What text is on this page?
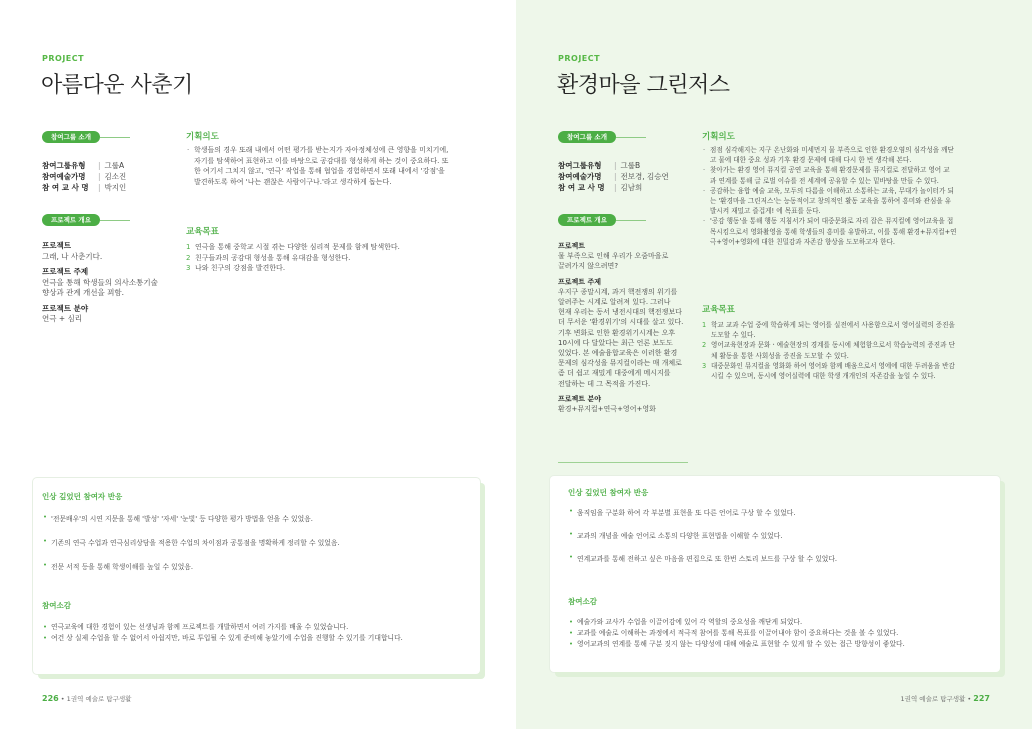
PROJECT
아름다운 사춘기
참여그룹 소개
참여그룹유형	| 그룹A
참여예술가명	| 김소진
참 여 교 사 명	| 박지인
프로젝트 개요
프로젝트
그래, 나 사춘기다.
프로젝트 주제
연극을 통해 학생들의 의사소통기술
향상과 관계 개선을 꾀함.
프로젝트 분야
연극 + 심리
기획의도
· 학생들의 경우 또래 내에서 어떤 평가를 받는지가 자아정체성에 큰 영향을 미치기에,
자기를 탐색하여 표현하고 이를 바탕으로 공감대를 형성하게 하는 것이 중요하다. 또
한 여기서 그치지 않고, '연극' 작업을 통해 협업을 경험하면서 또래 내에서 '강점'을
발견하도록 하여 '나는 괜찮은 사람이구나.'라고 생각하게 돕는다.
교육목표
1 연극을 통해 중학교 시절 겪는 다양한 심리적 문제를 함께 탐색한다.
2 친구들과의 공감대 형성을 통해 유대감을 형성한다.
3 나와 친구의 강점을 발견한다.
인상 깊었던 참여자 반응
• '전문배우'의 시연 지문을 통해 '발성' '자세' '눈빛' 등 다양한 평가 방법을 얻을 수 있었음.
• 기존의 연극 수업과 연극심리상담을 적용한 수업의 차이점과 공통점을 명확하게 정리할 수 있었음.
• 전문 서적 등을 통해 학생이해를 높일 수 있었음.
참여소감
• 연극교육에 대한 경험이 있는 선생님과 함께 프로젝트를 개발하면서 여러 가지를 배울 수 있었습니다.
• 여건 상 실제 수업을 할 수 없어서 아쉽지만, 바로 투입될 수 있게 준비해 놓았기에 수업을 진행할 수 있기를 기대합니다.
226 • 1권역 예술로 탐구생활
PROJECT
환경마을 그린저스
참여그룹 소개
참여그룹유형	| 그룹B
참여예술가명	| 전보경, 김승연
참 여 교 사 명	| 김남희
프로젝트 개요
프로젝트
물 부족으로 인해 우리가 오줌마을로
끌려가지 않으려면?
프로젝트 주제
우지구 종말시계, 과거 핵전쟁의 위기를
알려주는 시계로 알려져 있다. 그러나
현재 우리는 동서 냉전시대의 핵전쟁보다
더 무서운 '환경위기'의 시대를 살고 있다.
기후 변화로 인한 환경위기시계는 오후
10시에 다 달았다는 최근 언론 보도도
있었다. 본 예술융합교육은 이러한 환경
문제의 심각성을 뮤지컬이라는 매 개체로
좀 더 쉽고 재밌게 대중에게 메시지를
전달하는 데 그 목적을 가진다.
프로젝트 분야
환경+뮤지컬+연극+영어+영화
기획의도
· 점점 심각해지는 지구 온난화와 미세먼지 물 부족으로 인한 환경오염의 심각성을 깨닫
고 물에 대한 중요 성과 기후 환경 문제에 대해 다시 한 번 생각해 본다.
· 찾아가는 환경 영어 뮤지컬 공연 교육을 통해 환경문제를 뮤지컬로 전달하고 영어 교
과 연계를 통해 글 로벌 이슈를 전 세계에 공유할 수 있는 밑바탕을 만들 수 있다.
· 공감하는 융합 예술 교육, 모두의 다름을 이해하고 소통하는 교육, 무대가 놀이터가 되
는 '환경마을 그린저스'는 능동적이고 창의적인 활동 교육을 통하여 흥미와 관심을 유
발시켜 재밌고 즐겁게! 에 목표를 둔다.
· '공감 행동'을 통해 행동 지침서가 되어 대중문화로 자리 잡은 뮤지컬에 영어교육을 접
목시킴으로서 영화촬영을 통해 학생들의 흥미를 유발하고, 이를 통해 환경+뮤지컬+연
극+영어+영화에 대한 친밀감과 자존감 향상을 도모하고자 한다.
교육목표
1 학교 교과 수업 중에 학습하게 되는 영어를 실전에서 사용함으로서 영어실력의 증진을
도모할 수 있다.
2 영어교육현장과 문화ㆍ예술현장의 경계를 동시에 체험함으로서 학습능력의 증진과 단
체 활동을 통한 사회성을 증진을 도모할 수 있다.
3 대중문화인 뮤지컬을 영화화 하여 영어와 함께 배움으로서 영에에 대한 두려움을 반감
시킬 수 있으며, 동시에 영어실력에 대한 학생 개개인의 자존감을 높일 수 있다.
인상 깊었던 참여자 반응
• 움직임을 구분화 하여 각 부분별 표현을 또 다른 언어로 구상 할 수 있었다.
• 교과의 개념을 예술 언어로 소통의 다양한 표현법을 이해할 수 있었다.
• 연계교과를 통해 전하고 싶은 마음을 편집으로 또 한번 스토리 보드를 구상 할 수 있었다.
참여소감
• 예술가와 교사가 수업을 이끌어감에 있어 각 역할의 중요성을 깨닫게 되었다.
• 교과를 예술로 이해하는 과정에서 적극적 참여를 통해 목표를 이끌어내야 함이 중요하다는 것을 볼 수 있었다.
• 영어교과의 연계를 통해 구분 짓지 않는 다양성에 대해 예술로 표현할 수 있게 할 수 있는 접근 방향성이 좋았다.
1권역 예술로 탐구생활 • 227
